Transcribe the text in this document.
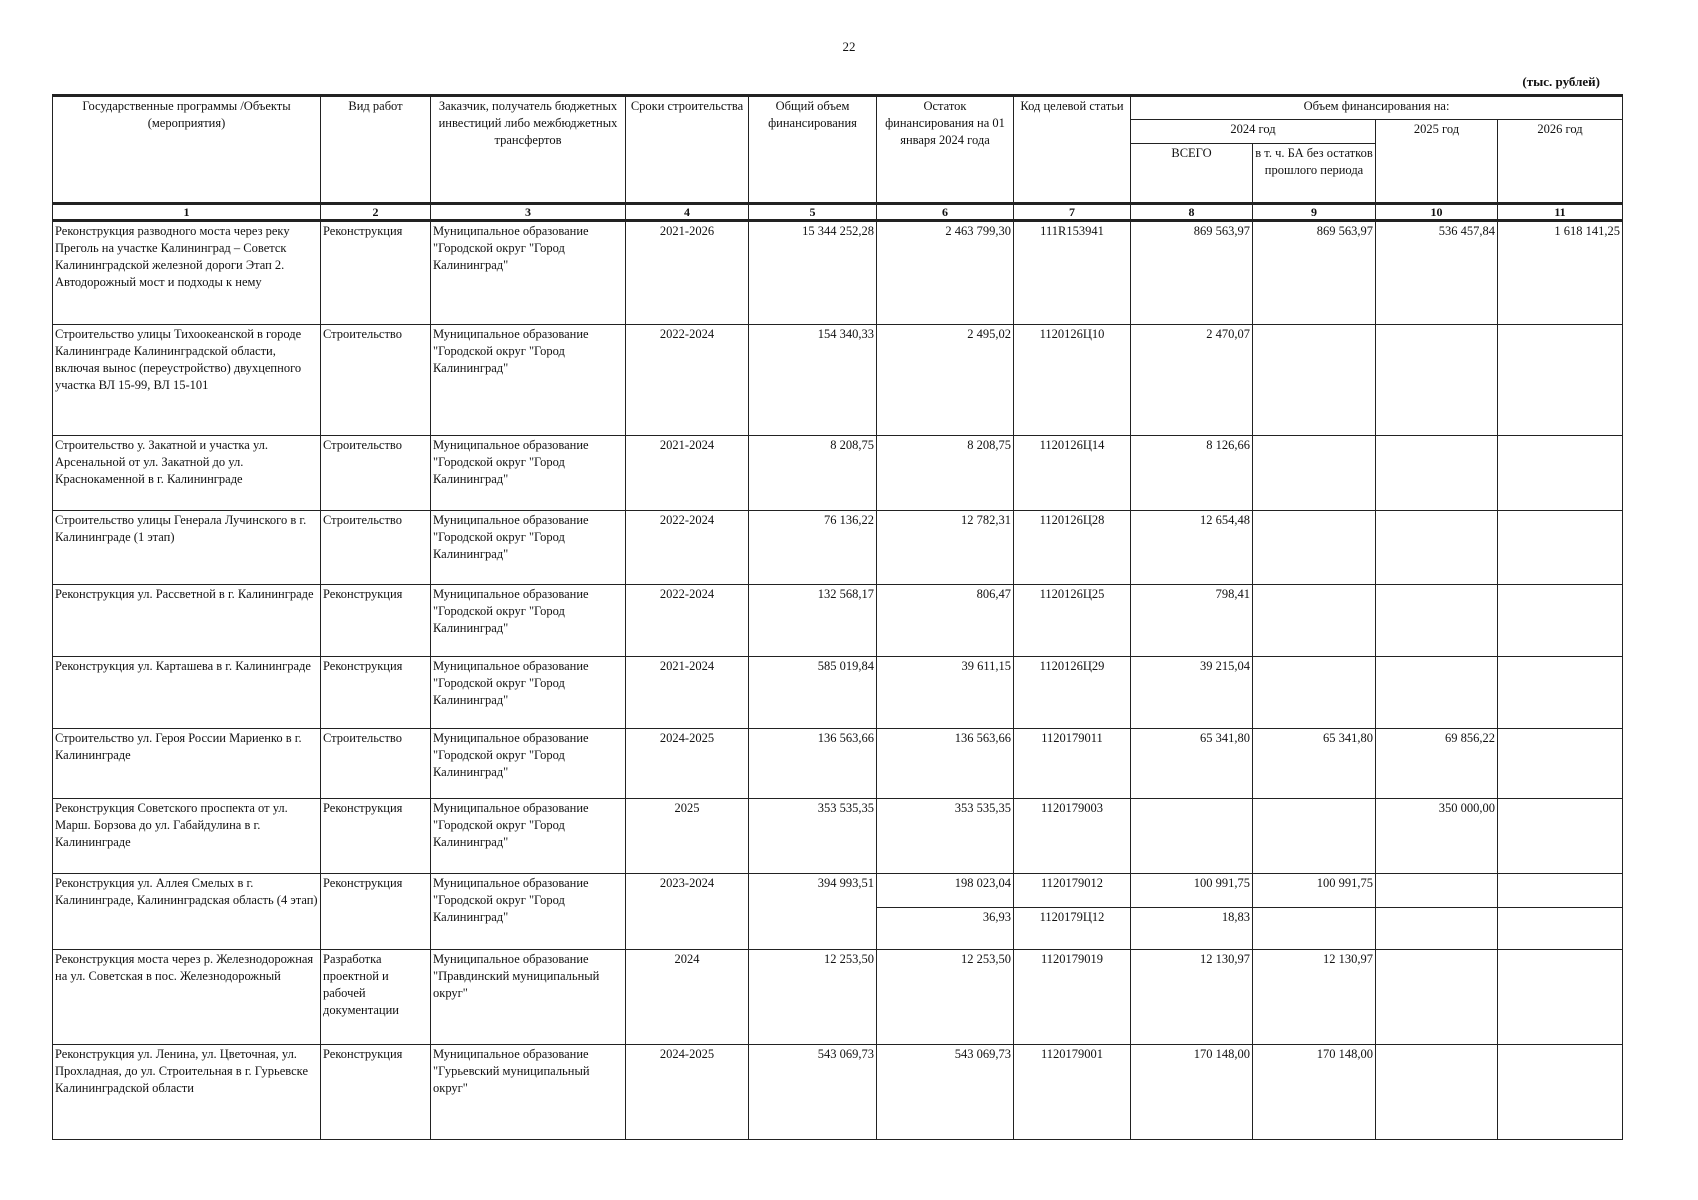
22
(тыс. рублей)
Государственные программы /Объекты (мероприятия)	Вид работ	Заказчик, получатель бюджетных инвестиций либо межбюджетных трансфертов	Сроки строительства	Общий объем финансирования	Остаток финансирования на 01 января 2024 года	Код целевой статьи	Объем финансирования на:			
							2024 год		2025 год	2026 год
							ВСЕГО	в т. ч. БА без остатков прошлого периода		
1	2	3	4	5	6	7	8	9	10	11
Реконструкция разводного моста через реку Преголь на участке Калининград – Советск Калининградской железной дороги Этап 2. Автодорожный мост и подходы к нему	Реконструкция	Муниципальное образование "Городской округ "Город Калининград"	2021-2026	15 344 252,28	2 463 799,30	111R153941	869 563,97	869 563,97	536 457,84	1 618 141,25
Строительство улицы Тихоокеанской в городе Калининграде Калининградской области, включая вынос (переустройство) двухцепного участка ВЛ 15-99, ВЛ 15-101	Строительство	Муниципальное образование "Городской округ "Город Калининград"	2022-2024	154 340,33	2 495,02	1120126Ц10	2 470,07			
Строительство у. Закатной и участка ул. Арсенальной от ул. Закатной до ул. Краснокаменной в г. Калининграде	Строительство	Муниципальное образование "Городской округ "Город Калининград"	2021-2024	8 208,75	8 208,75	1120126Ц14	8 126,66			
Строительство улицы Генерала Лучинского в г. Калининграде (1 этап)	Строительство	Муниципальное образование "Городской округ "Город Калининград"	2022-2024	76 136,22	12 782,31	1120126Ц28	12 654,48			
Реконструкция ул. Рассветной в г. Калининграде	Реконструкция	Муниципальное образование "Городской округ "Город Калининград"	2022-2024	132 568,17	806,47	1120126Ц25	798,41			
Реконструкция ул. Карташева в г. Калининграде	Реконструкция	Муниципальное образование "Городской округ "Город Калининград"	2021-2024	585 019,84	39 611,15	1120126Ц29	39 215,04			
Строительство ул. Героя России Мариенко в г. Калининграде	Строительство	Муниципальное образование "Городской округ "Город Калининград"	2024-2025	136 563,66	136 563,66	1120179011	65 341,80	65 341,80	69 856,22	
Реконструкция Советского проспекта от ул. Марш. Борзова до ул. Габайдулина в г. Калининграде	Реконструкция	Муниципальное образование "Городской округ "Город Калининград"	2025	353 535,35	353 535,35	1120179003			350 000,00	
Реконструкция ул. Аллея Смелых в г. Калининграде, Калининградская область (4 этап)	Реконструкция	Муниципальное образование "Городской округ "Город Калининград"	2023-2024	394 993,51	198 023,04	1120179012	100 991,75	100 991,75		
					36,93	1120179Ц12	18,83			
Реконструкция моста через р. Железнодорожная на ул. Советская в пос. Железнодорожный	Разработка проектной и рабочей документации	Муниципальное образование "Правдинский муниципальный округ"	2024	12 253,50	12 253,50	1120179019	12 130,97	12 130,97		
Реконструкция ул. Ленина, ул. Цветочная, ул. Прохладная, до ул. Строительная в г. Гурьевске Калининградской области	Реконструкция	Муниципальное образование "Гурьевский муниципальный округ"	2024-2025	543 069,73	543 069,73	1120179001	170 148,00	170 148,00		
